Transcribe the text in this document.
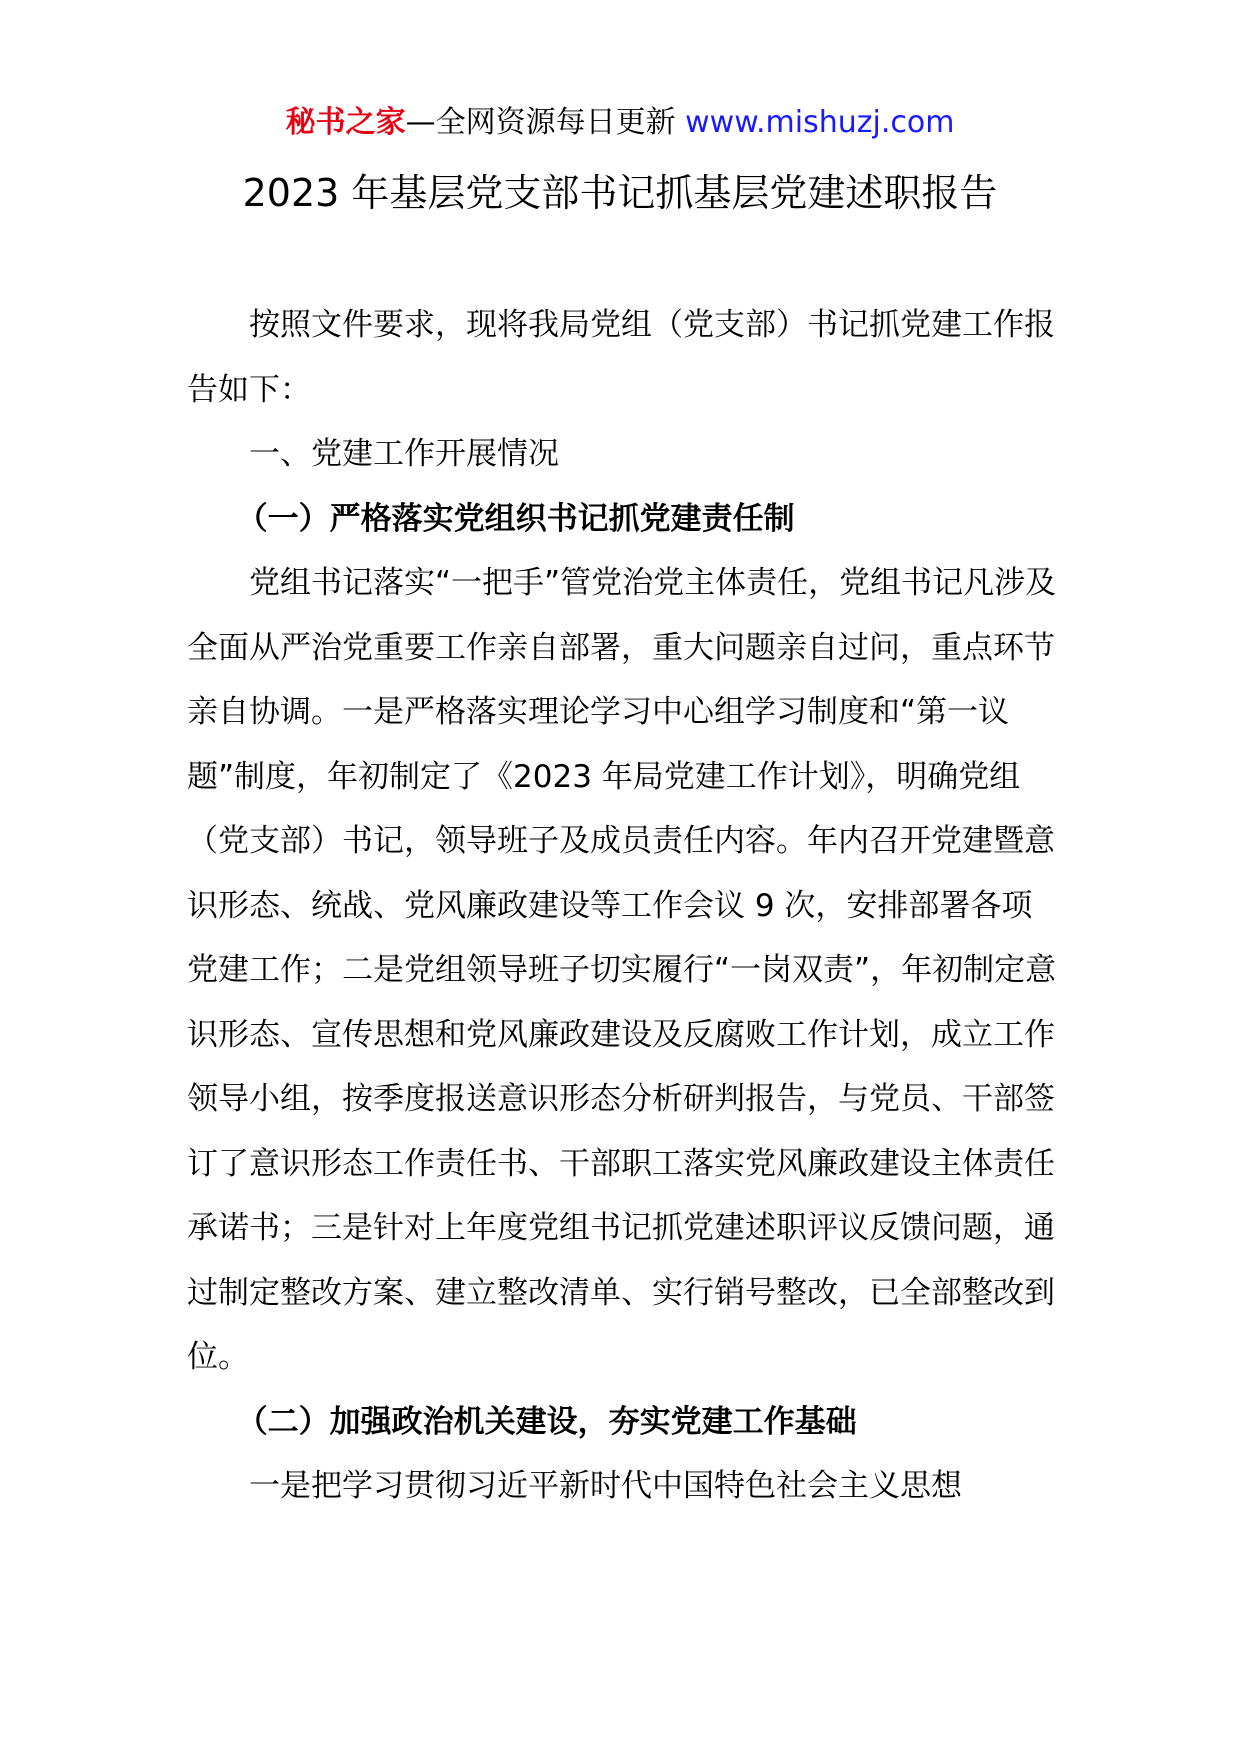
秘书之家—全网资源每日更新 www.mishuzj.com
2023 年基层党支部书记抓基层党建述职报告

按照文件要求，现将我局党组（党支部）书记抓党建工作报告如下：

一、党建工作开展情况

（一）严格落实党组织书记抓党建责任制

党组书记落实“一把手”管党治党主体责任，党组书记凡涉及全面从严治党重要工作亲自部署，重大问题亲自过问，重点环节亲自协调。一是严格落实理论学习中心组学习制度和“第一议题”制度，年初制定了《2023 年局党建工作计划》，明确党组（党支部）书记，领导班子及成员责任内容。年内召开党建暨意识形态、统战、党风廉政建设等工作会议 9 次，安排部署各项党建工作；二是党组领导班子切实履行“一岗双责”，年初制定意识形态、宣传思想和党风廉政建设及反腐败工作计划，成立工作领导小组，按季度报送意识形态分析研判报告，与党员、干部签订了意识形态工作责任书、干部职工落实党风廉政建设主体责任承诺书；三是针对上年度党组书记抓党建述职评议反馈问题，通过制定整改方案、建立整改清单、实行销号整改，已全部整改到位。

（二）加强政治机关建设，夯实党建工作基础

一是把学习贯彻习近平新时代中国特色社会主义思想
